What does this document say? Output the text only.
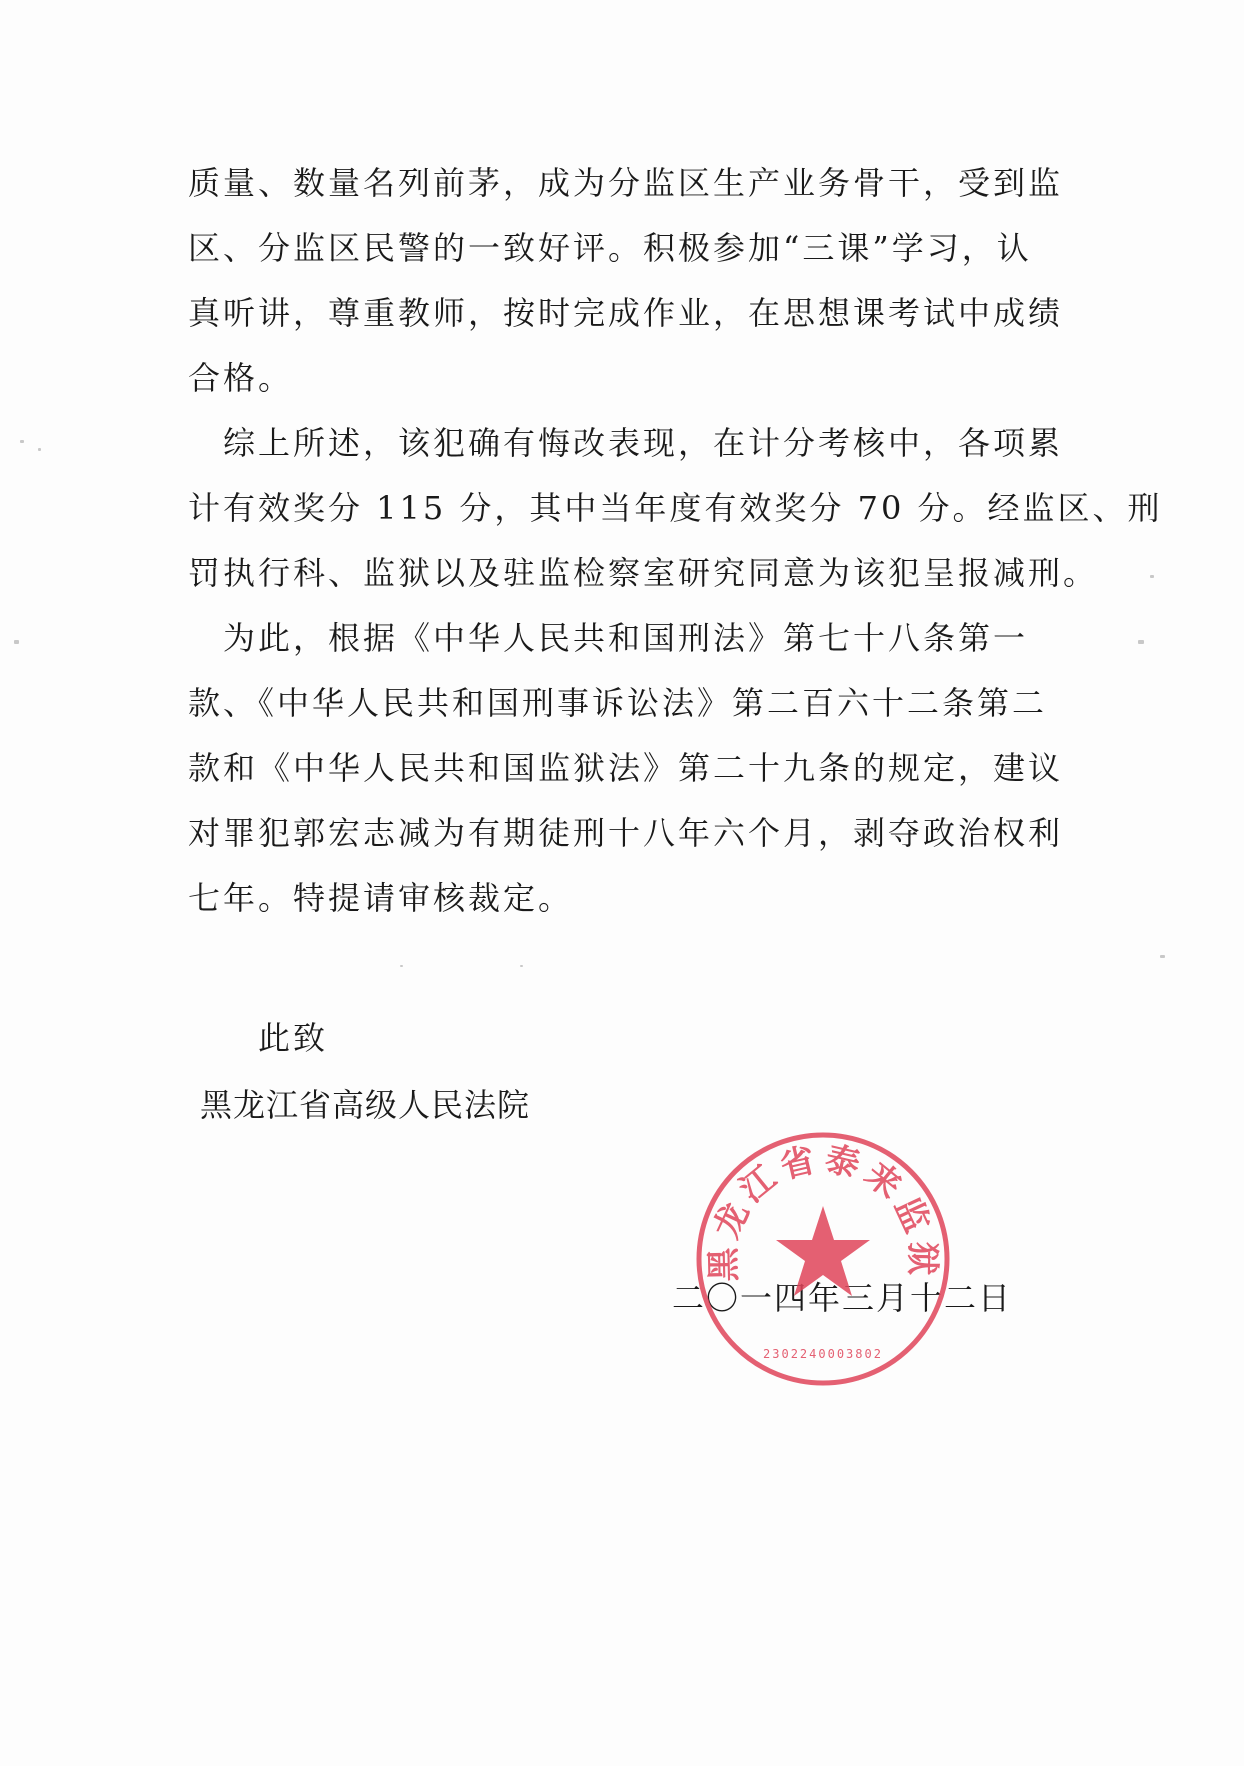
质量、数量名列前茅，成为分监区生产业务骨干，受到监
区、分监区民警的一致好评。积极参加“三课”学习，认
真听讲，尊重教师，按时完成作业，在思想课考试中成绩
合格。
　综上所述，该犯确有悔改表现，在计分考核中，各项累
计有效奖分 115 分，其中当年度有效奖分 70 分。经监区、刑
罚执行科、监狱以及驻监检察室研究同意为该犯呈报减刑。
　为此，根据《中华人民共和国刑法》第七十八条第一
款、《中华人民共和国刑事诉讼法》第二百六十二条第二
款和《中华人民共和国监狱法》第二十九条的规定，建议
对罪犯郭宏志减为有期徒刑十八年六个月，剥夺政治权利
七年。特提请审核裁定。
此致
黑龙江省高级人民法院
二〇一四年三月十二日
黑龙江省泰来监狱
2302240003802
